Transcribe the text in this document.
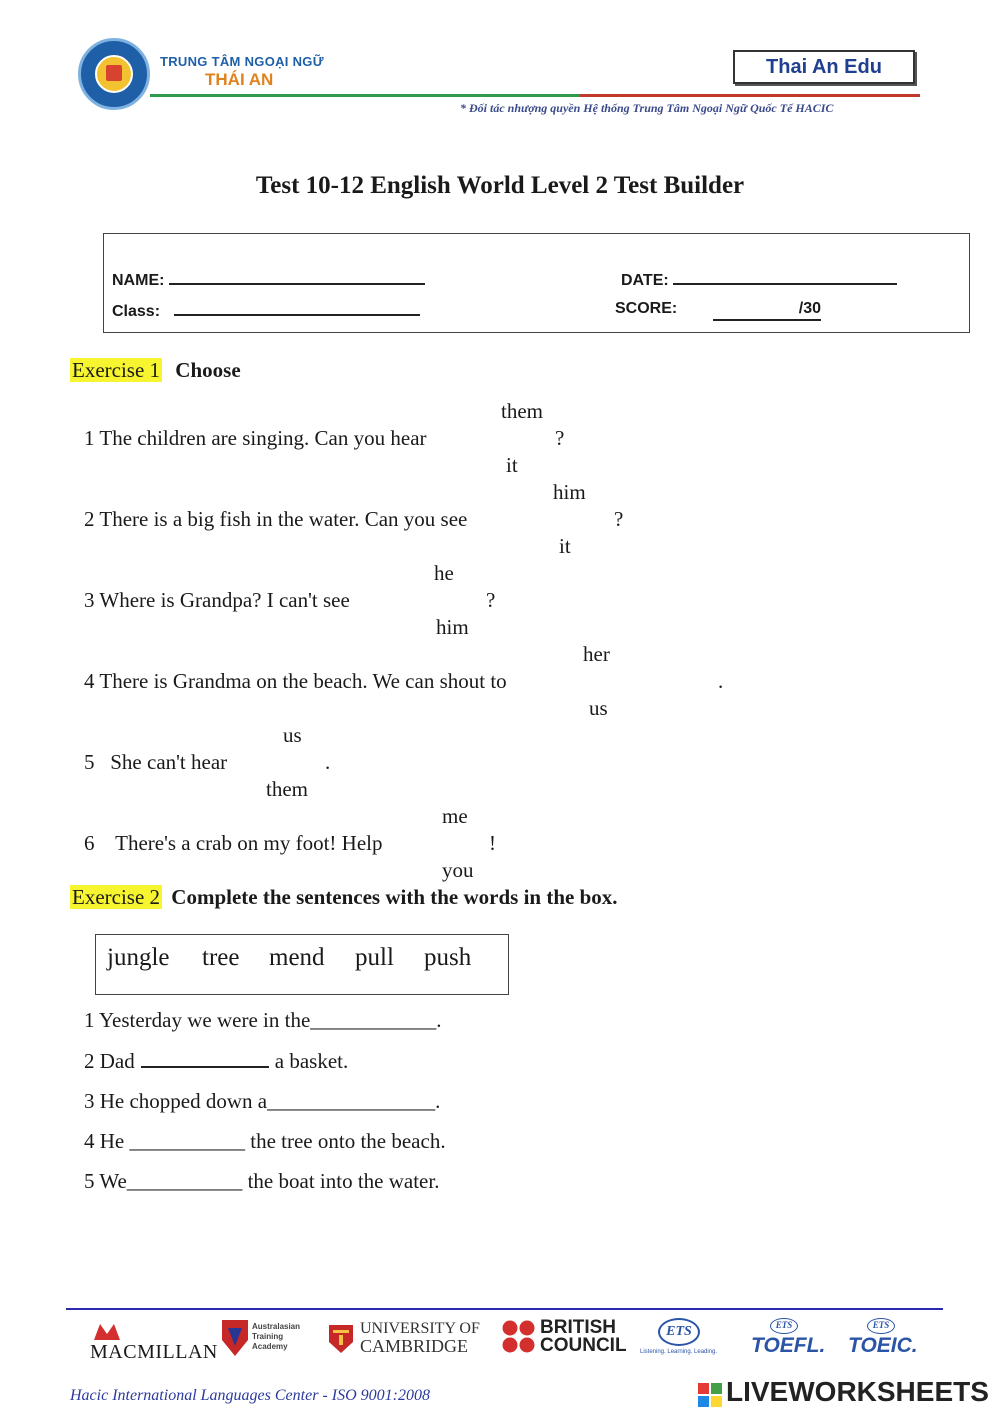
TRUNG TÂM NGOẠI NGỮ
THÁI AN
Thai An Edu
* Đối tác nhượng quyền Hệ thống Trung Tâm Ngoại Ngữ Quốc Tế HACIC
Test 10-12 English World Level 2 Test Builder
NAME:	DATE:
Class:	SCORE:	/30
Exercise 1 Choose
them
1 The children are singing. Can you hear	?
it
him
2 There is a big fish in the water. Can you see	?
it
he
3 Where is Grandpa? I can't see	?
him
her
4 There is Grandma on the beach. We can shout to	.
us
us
5   She can't hear	.
them
me
6    There's a crab on my foot! Help	!
you
Exercise 2 Complete the sentences with the words in the box.
jungle tree mend pull push
1 Yesterday we were in the____________.
2 Dad	a basket.
3 He chopped down a________________.
4 He ___________ the tree onto the beach.
5 We___________ the boat into the water.
MACMILLAN
Australasian Training Academy
UNIVERSITY OF
CAMBRIDGE
BRITISH
COUNCIL
ETS
Listening. Learning. Leading.
ETS
TOEFL.
ETS
TOEIC.
Hacic International Languages Center - ISO 9001:2008	LIVEWORKSHEETS
